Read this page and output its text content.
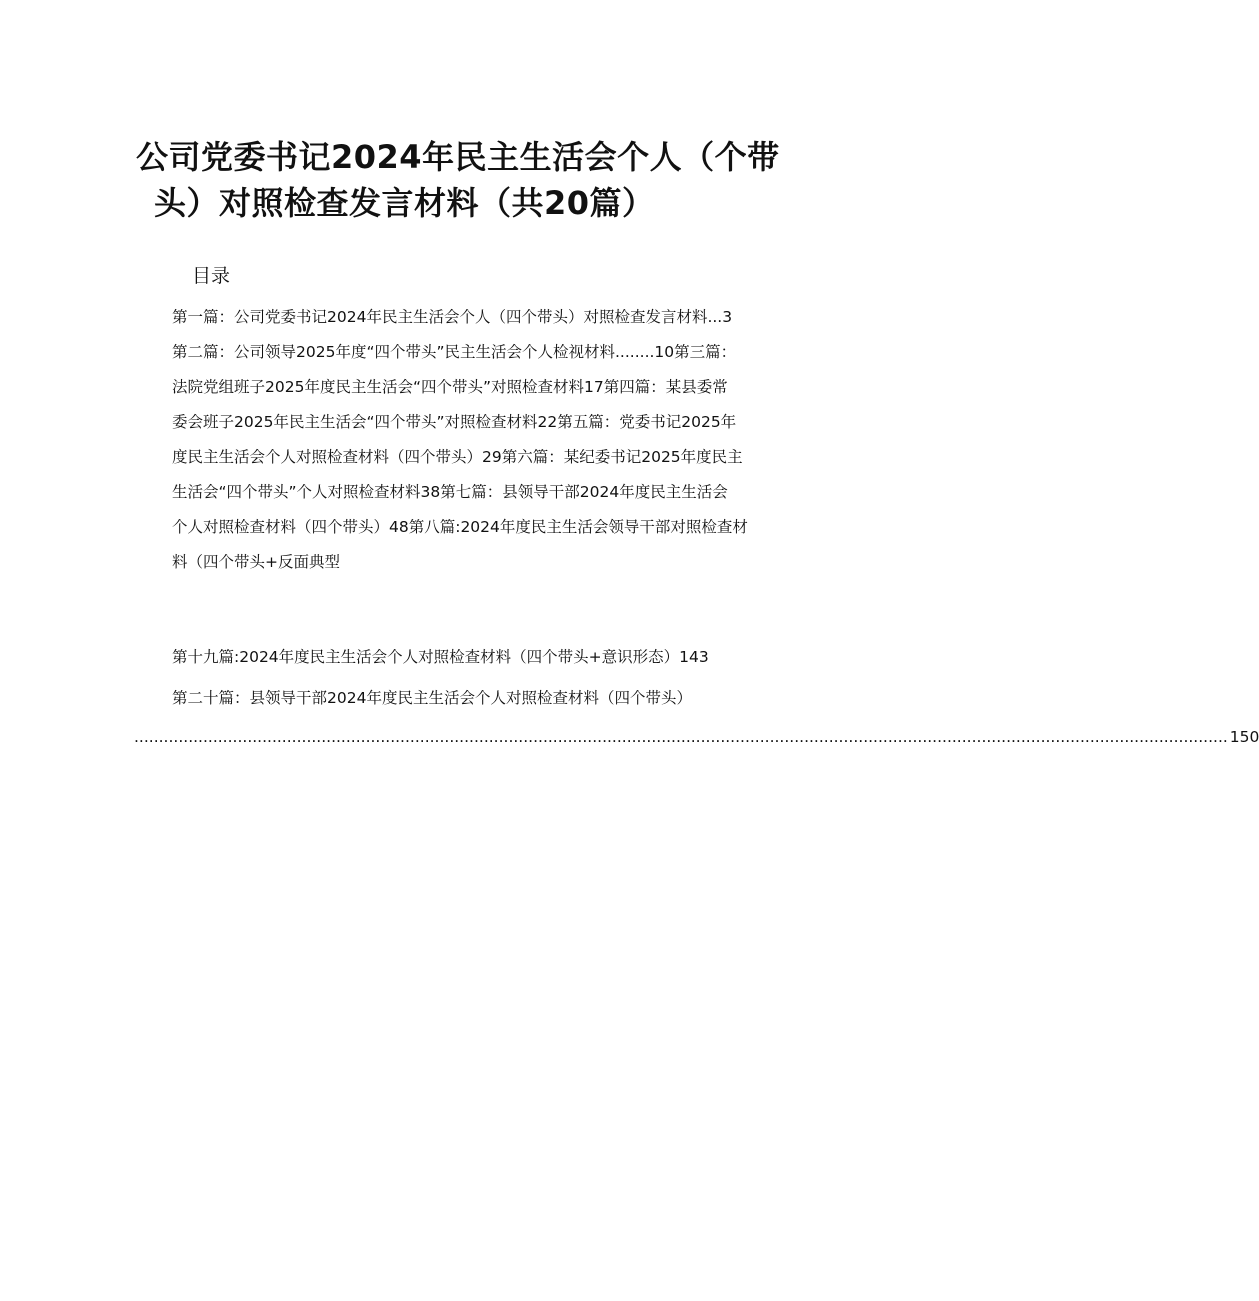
公司党委书记2024年民主生活会个人（个带
头）对照检查发言材料（共20篇）
目录
第一篇：公司党委书记2024年民主生活会个人（四个带头）对照检查发言材料...3
第二篇：公司领导2025年度“四个带头”民主生活会个人检视材料........10第三篇：
法院党组班子2025年度民主生活会“四个带头”对照检查材料17第四篇：某县委常
委会班子2025年民主生活会“四个带头”对照检查材料22第五篇：党委书记2025年
度民主生活会个人对照检查材料（四个带头）29第六篇：某纪委书记2025年度民主
生活会“四个带头”个人对照检查材料38第七篇：县领导干部2024年度民主生活会
个人对照检查材料（四个带头）48第八篇:2024年度民主生活会领导干部对照检查材
料（四个带头+反面典型
第十九篇:2024年度民主生活会个人对照检查材料（四个带头+意识形态）143
第二十篇：县领导干部2024年度民主生活会个人对照检查材料（四个带头）
.............................................................................................................................................................................................................................. 150
